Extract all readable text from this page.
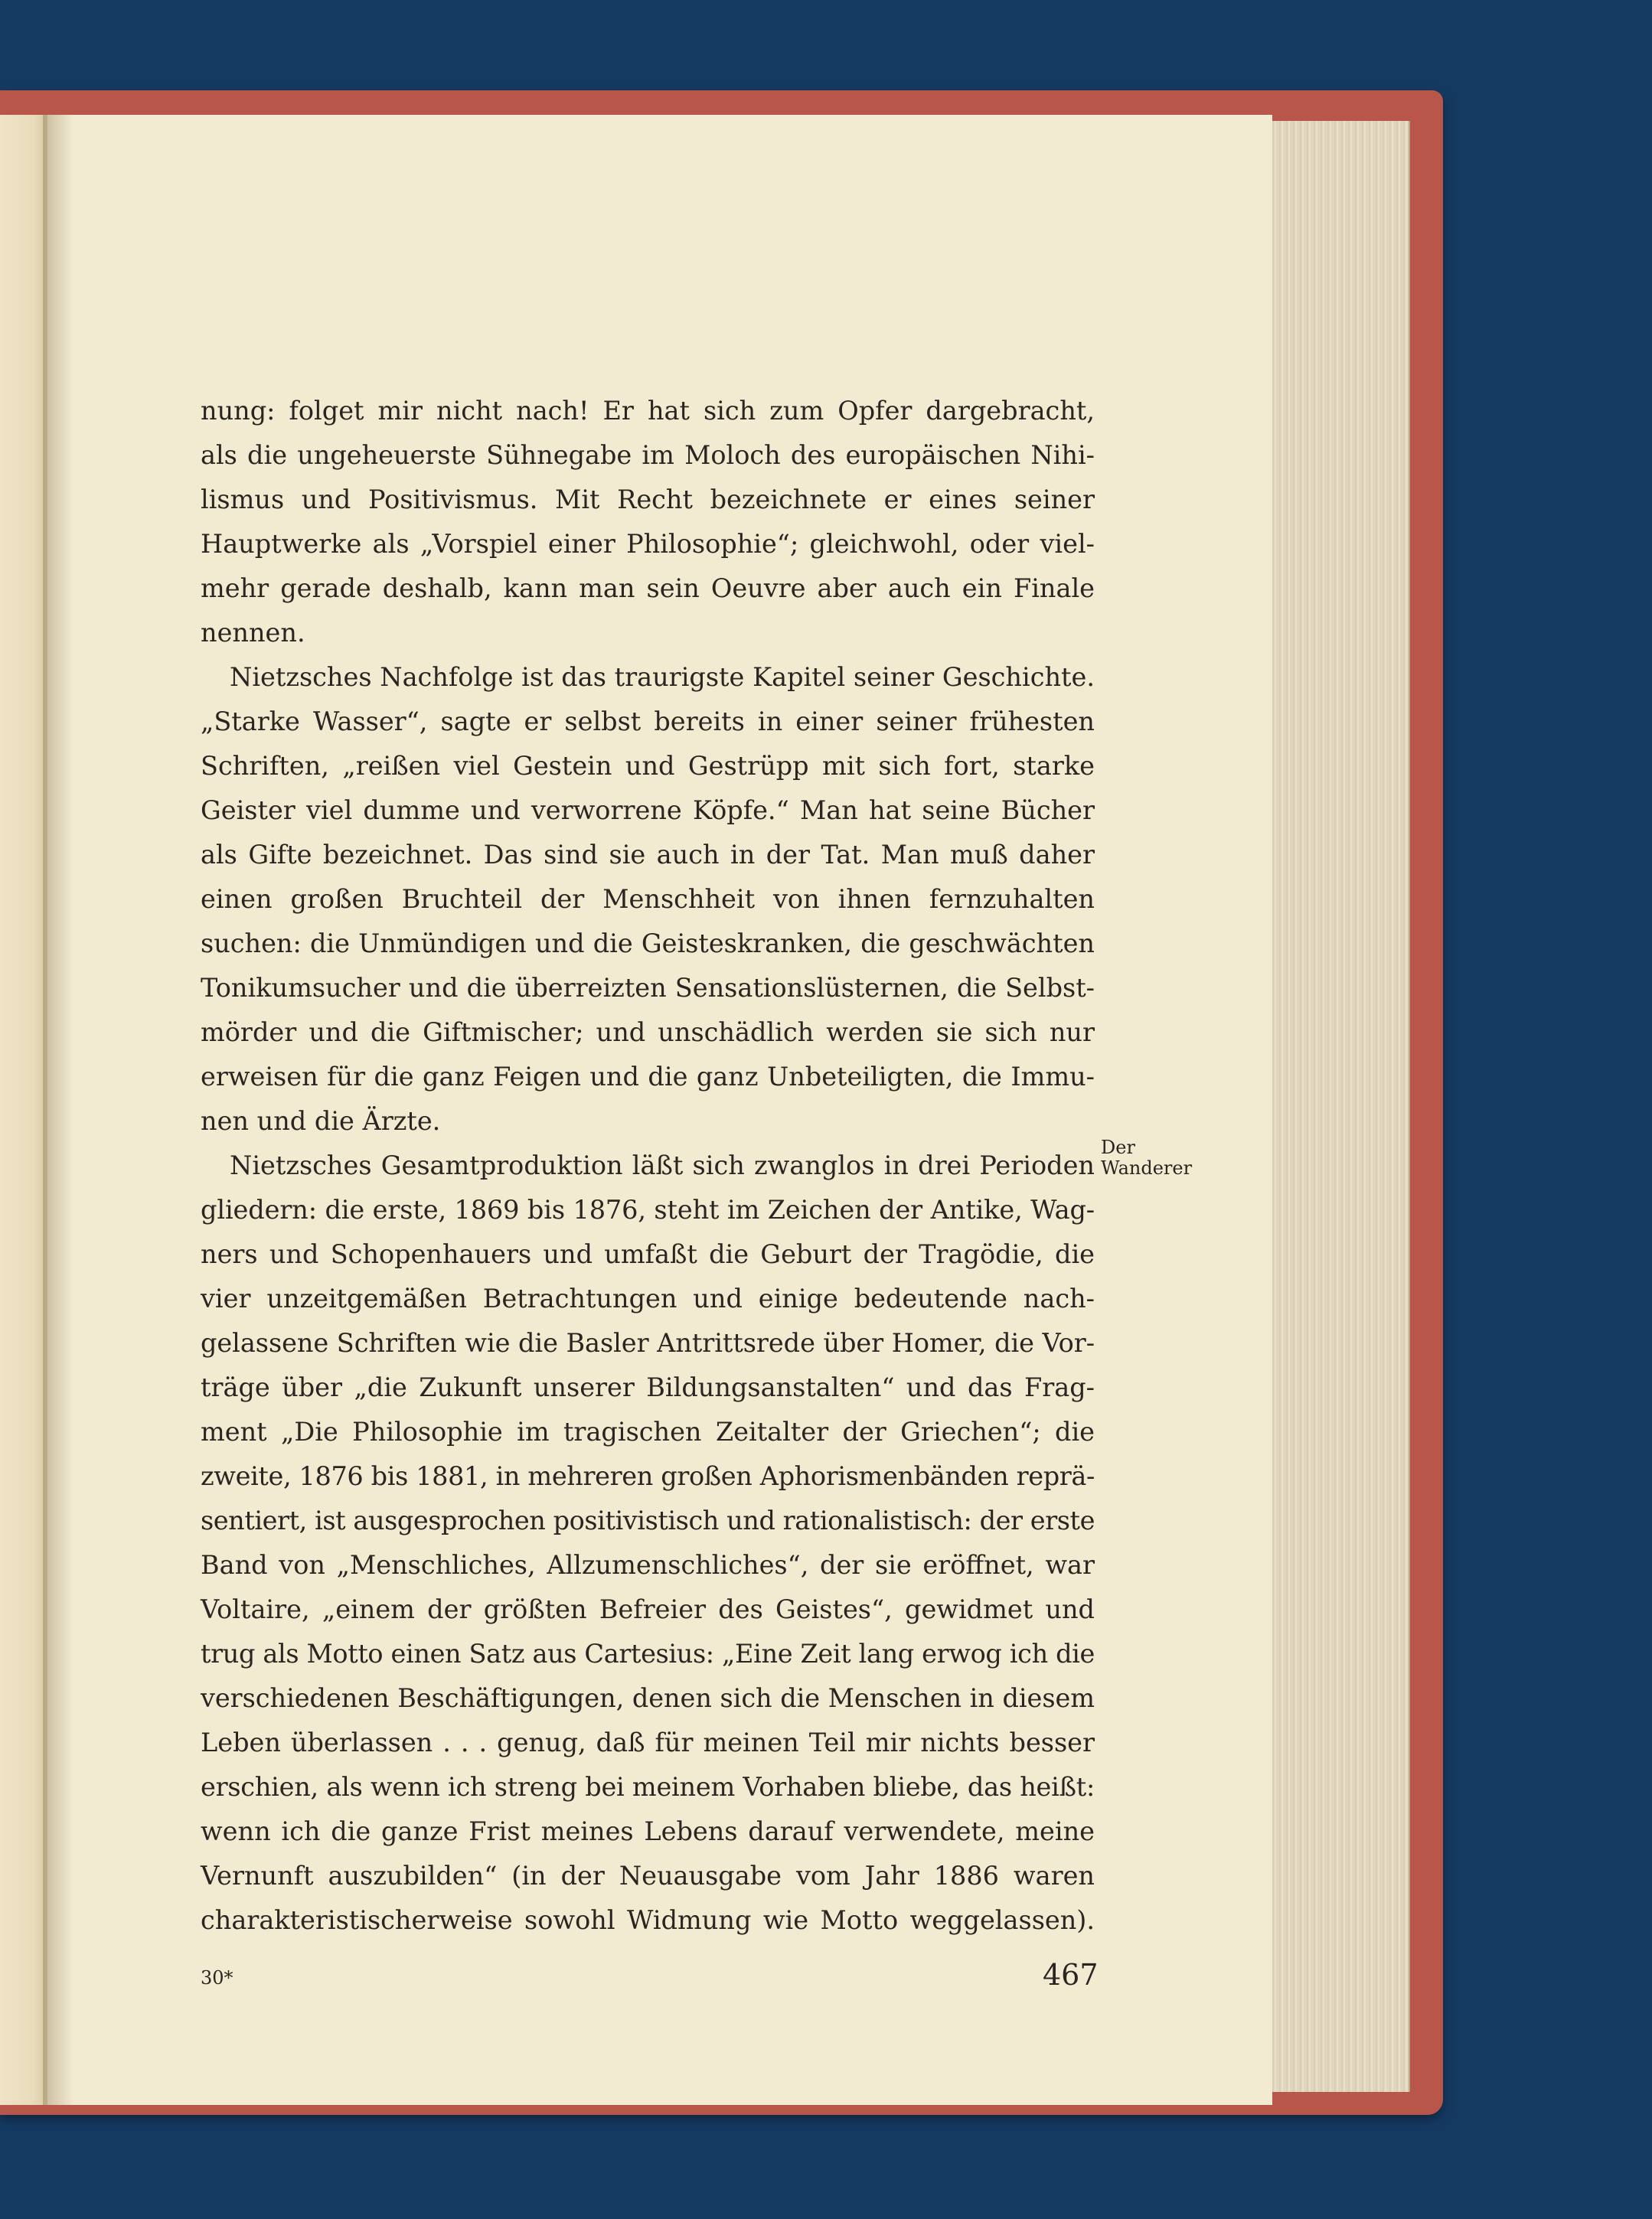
nung: folget mir nicht nach! Er hat sich zum Opfer dargebracht,
als die ungeheuerste Sühnegabe im Moloch des europäischen Nihi-
lismus und Positivismus. Mit Recht bezeichnete er eines seiner
Hauptwerke als „Vorspiel einer Philosophie“; gleichwohl, oder viel-
mehr gerade deshalb, kann man sein Oeuvre aber auch ein Finale
nennen.
Nietzsches Nachfolge ist das traurigste Kapitel seiner Geschichte.
„Starke Wasser“, sagte er selbst bereits in einer seiner frühesten
Schriften, „reißen viel Gestein und Gestrüpp mit sich fort, starke
Geister viel dumme und verworrene Köpfe.“ Man hat seine Bücher
als Gifte bezeichnet. Das sind sie auch in der Tat. Man muß daher
einen großen Bruchteil der Menschheit von ihnen fernzuhalten
suchen: die Unmündigen und die Geisteskranken, die geschwächten
Tonikumsucher und die überreizten Sensationslüsternen, die Selbst-
mörder und die Giftmischer; und unschädlich werden sie sich nur
erweisen für die ganz Feigen und die ganz Unbeteiligten, die Immu-
nen und die Ärzte.
Nietzsches Gesamtproduktion läßt sich zwanglos in drei Perioden
gliedern: die erste, 1869 bis 1876, steht im Zeichen der Antike, Wag-
ners und Schopenhauers und umfaßt die Geburt der Tragödie, die
vier unzeitgemäßen Betrachtungen und einige bedeutende nach-
gelassene Schriften wie die Basler Antrittsrede über Homer, die Vor-
träge über „die Zukunft unserer Bildungsanstalten“ und das Frag-
ment „Die Philosophie im tragischen Zeitalter der Griechen“; die
zweite, 1876 bis 1881, in mehreren großen Aphorismenbänden reprä-
sentiert, ist ausgesprochen positivistisch und rationalistisch: der erste
Band von „Menschliches, Allzumenschliches“, der sie eröffnet, war
Voltaire, „einem der größten Befreier des Geistes“, gewidmet und
trug als Motto einen Satz aus Cartesius: „Eine Zeit lang erwog ich die
verschiedenen Beschäftigungen, denen sich die Menschen in diesem
Leben überlassen . . . genug, daß für meinen Teil mir nichts besser
erschien, als wenn ich streng bei meinem Vorhaben bliebe, das heißt:
wenn ich die ganze Frist meines Lebens darauf verwendete, meine
Vernunft auszubilden“ (in der Neuausgabe vom Jahr 1886 waren
charakteristischerweise sowohl Widmung wie Motto weggelassen).
Der
Wanderer
30*	467
